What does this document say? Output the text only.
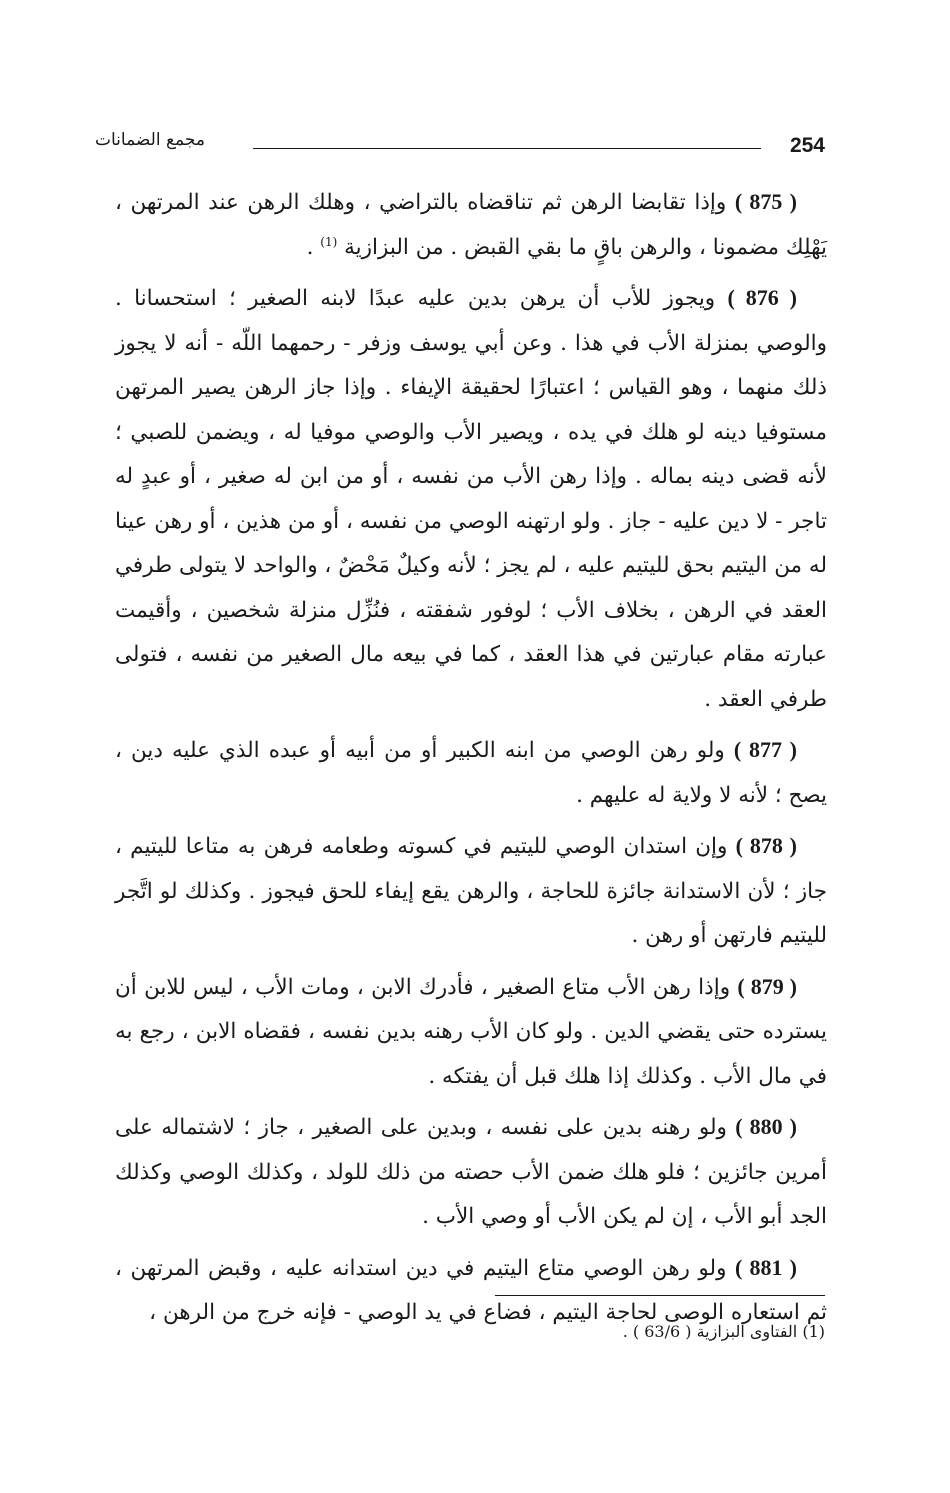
254
مجمع الضمانات

( 875 ) وإذا تقابضا الرهن ثم تناقضاه بالتراضي ، وهلك الرهن عند المرتهن ، يَهْلِك مضمونا ، والرهن باقٍ ما بقي القبض . من البزازية $^{(1)}$ .

( 876 ) ويجوز للأب أن يرهن بدين عليه عبدًا لابنه الصغير ؛ استحسانا . والوصي بمنزلة الأب في هذا . وعن أبي يوسف وزفر - رحمهما اللّه - أنه لا يجوز ذلك منهما ، وهو القياس ؛ اعتبارًا لحقيقة الإيفاء . وإذا جاز الرهن يصير المرتهن مستوفيا دينه لو هلك في يده ، ويصير الأب والوصي موفيا له ، ويضمن للصبي ؛ لأنه قضى دينه بماله . وإذا رهن الأب من نفسه ، أو من ابن له صغير ، أو عبدٍ له تاجر - لا دين عليه - جاز . ولو ارتهنه الوصي من نفسه ، أو من هذين ، أو رهن عينا له من اليتيم بحق لليتيم عليه ، لم يجز ؛ لأنه وكيلٌ مَحْضٌ ، والواحد لا يتولى طرفي العقد في الرهن ، بخلاف الأب ؛ لوفور شفقته ، فنُزِّل منزلة شخصين ، وأقيمت عبارته مقام عبارتين في هذا العقد ، كما في بيعه مال الصغير من نفسه ، فتولى طرفي العقد .

( 877 ) ولو رهن الوصي من ابنه الكبير أو من أبيه أو عبده الذي عليه دين ، يصح ؛ لأنه لا ولاية له عليهم .

( 878 ) وإن استدان الوصي لليتيم في كسوته وطعامه فرهن به متاعا لليتيم ، جاز ؛ لأن الاستدانة جائزة للحاجة ، والرهن يقع إيفاء للحق فيجوز . وكذلك لو اتَّجر لليتيم فارتهن أو رهن .

( 879 ) وإذا رهن الأب متاع الصغير ، فأدرك الابن ، ومات الأب ، ليس للابن أن يسترده حتى يقضي الدين . ولو كان الأب رهنه بدين نفسه ، فقضاه الابن ، رجع به في مال الأب . وكذلك إذا هلك قبل أن يفتكه .

( 880 ) ولو رهنه بدين على نفسه ، وبدين على الصغير ، جاز ؛ لاشتماله على أمرين جائزين ؛ فلو هلك ضمن الأب حصته من ذلك للولد ، وكذلك الوصي وكذلك الجد أبو الأب ، إن لم يكن الأب أو وصي الأب .

( 881 ) ولو رهن الوصي متاع اليتيم في دين استدانه عليه ، وقبض المرتهن ، ثم استعاره الوصى لحاجة اليتيم ، فضاع في يد الوصي - فإنه خرج من الرهن ،

(1) الفتاوى البزازية ( 63/6 ) .
